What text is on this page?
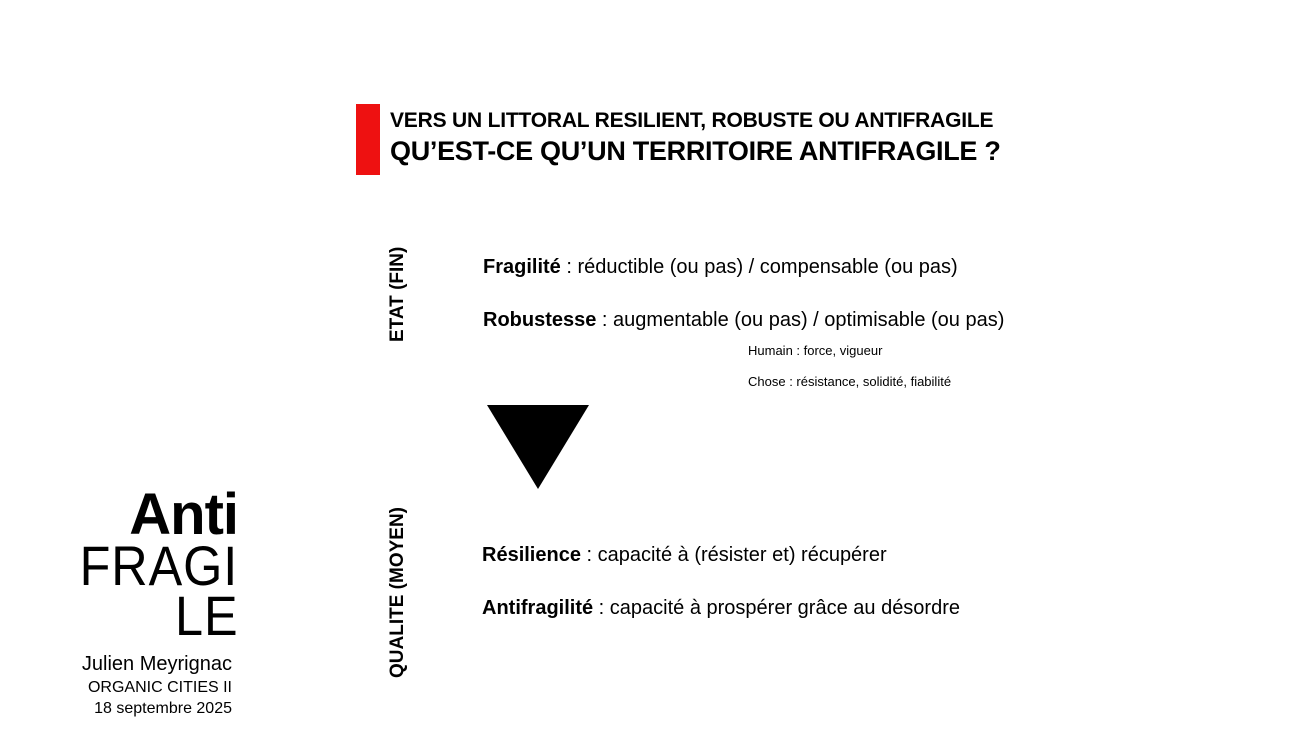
VERS UN LITTORAL RESILIENT, ROBUSTE OU ANTIFRAGILE
QU’EST-CE QU’UN TERRITOIRE ANTIFRAGILE ?
ETAT (FIN)
QUALITE (MOYEN)
Fragilité : réductible (ou pas) / compensable (ou pas)
Robustesse : augmentable (ou pas) / optimisable (ou pas)
Humain : force, vigueur
Chose : résistance, solidité, fiabilité
Résilience : capacité à (résister et) récupérer
Antifragilité : capacité à prospérer grâce au désordre
Anti
FRAGI
LE
Julien Meyrignac
ORGANIC CITIES II
18 septembre 2025
